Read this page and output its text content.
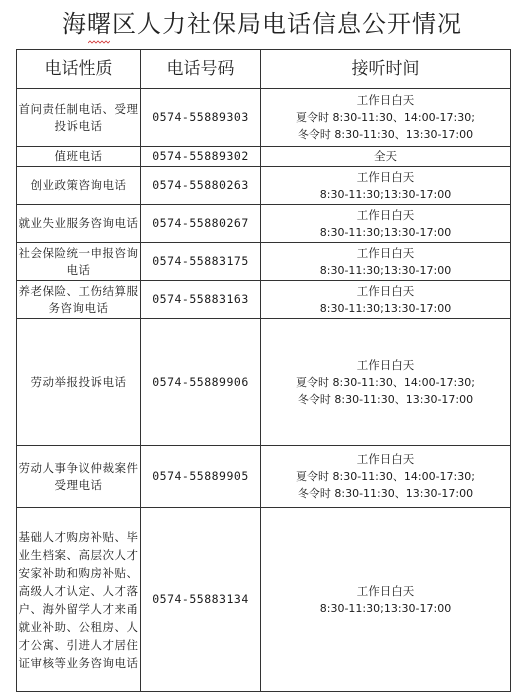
海曙区人力社保局电话信息公开情况
电话性质	电话号码	接听时间
首问责任制电话、受理投诉电话	0574-55889303	工作日白天
夏令时 8:30-11:30、14:00-17:30;
冬令时 8:30-11:30、13:30-17:00

值班电话	0574-55889302	全天

创业政策咨询电话	0574-55880263	工作日白天
8:30-11:30;13:30-17:00

就业失业服务咨询电话	0574-55880267	工作日白天
8:30-11:30;13:30-17:00

社会保险统一申报咨询电话	0574-55883175	工作日白天
8:30-11:30;13:30-17:00

养老保险、工伤结算服务咨询电话	0574-55883163	工作日白天
8:30-11:30;13:30-17:00

劳动举报投诉电话	0574-55889906	工作日白天
夏令时 8:30-11:30、14:00-17:30;
冬令时 8:30-11:30、13:30-17:00

劳动人事争议仲裁案件受理电话	0574-55889905	工作日白天
夏令时 8:30-11:30、14:00-17:30;
冬令时 8:30-11:30、13:30-17:00

基础人才购房补贴、毕业生档案、高层次人才安家补助和购房补贴、高级人才认定、人才落户、海外留学人才来甬就业补助、公租房、人才公寓、引进人才居住证审核等业务咨询电话	0574-55883134	工作日白天
8:30-11:30;13:30-17:00
